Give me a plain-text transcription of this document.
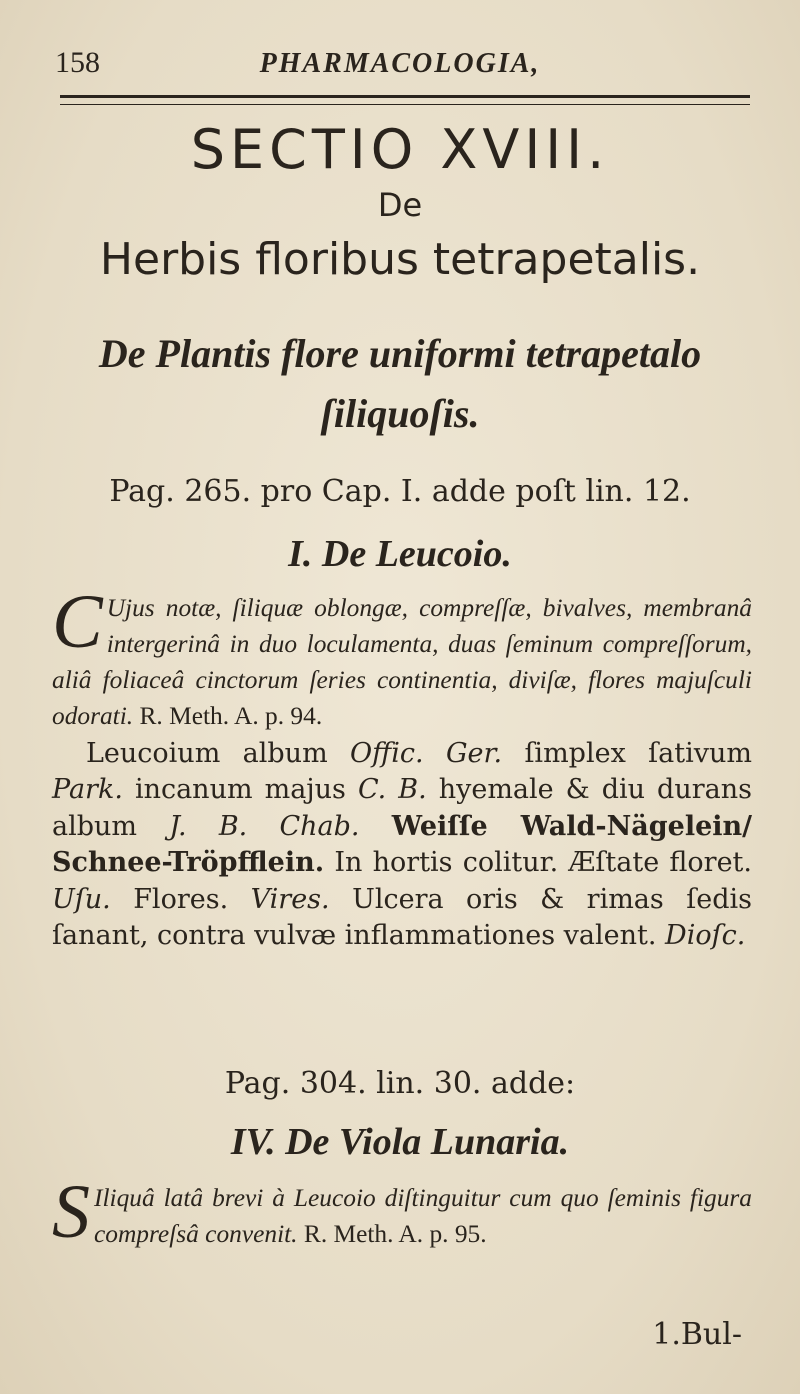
158	PHARMACOLOGIA,
SECTIO XVIII.
De
Herbis floribus tetrapetalis.
De Plantis flore uniformi tetrapetalo
ſiliquoſis.
Pag. 265. pro Cap. I. adde poſt lin. 12.
I. De Leucoio.
C Ujus notæ, ſiliquæ oblongæ, compreſſæ, bivalves, membranâ intergerinâ in duo loculamenta, duas ſeminum compreſſorum, aliâ foliaceâ cinctorum ſeries continentia, diviſæ, flores majuſculi odorati. R. Meth. A. p. 94.
Leucoium album Offic. Ger. ſimplex ſativum Park. incanum majus C. B. hyemale & diu durans album J. B. Chab. Weiſſe Wald-Nägelein/ Schnee-Tröpfflein. In hortis colitur. Æſtate floret. Uſu. Flores. Vires. Ulcera oris & rimas ſedis ſanant, contra vulvæ inflammationes valent. Dioſc.
Pag. 304. lin. 30. adde:
IV. De Viola Lunaria.
S Iliquâ latâ brevi à Leucoio diſtinguitur cum quo ſeminis figura compreſsâ convenit. R. Meth. A. p. 95.
1.Bul-
